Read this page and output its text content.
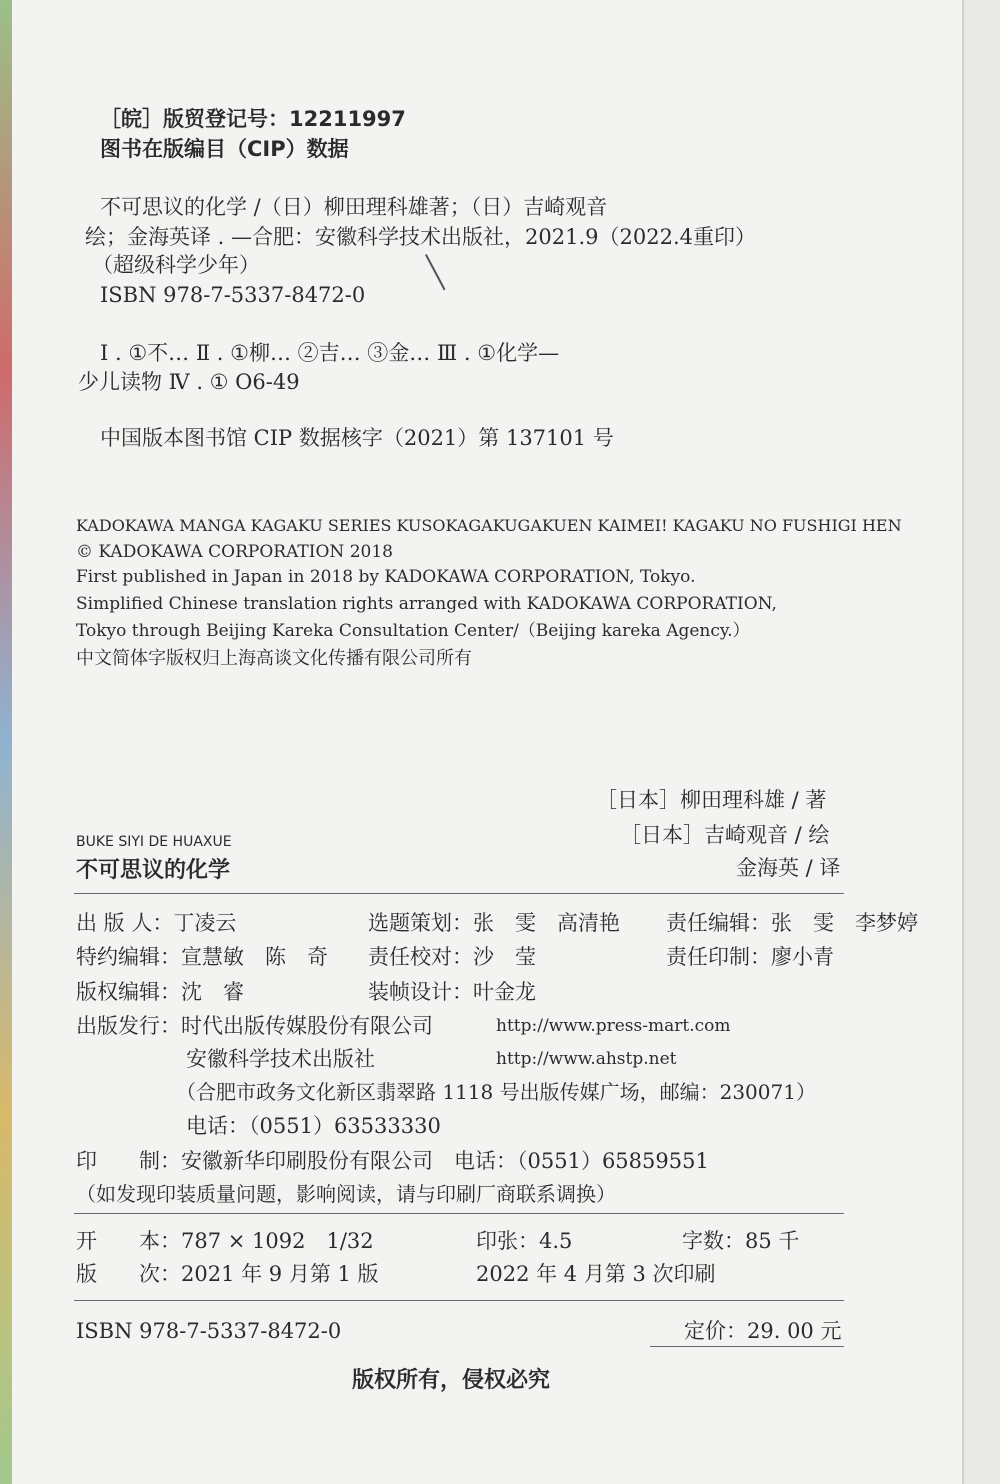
［皖］版贸登记号：12211997
图书在版编目（CIP）数据
不可思议的化学 /（日）柳田理科雄著；（日）吉崎观音
绘；金海英译 . —合肥：安徽科学技术出版社，2021.9（2022.4重印）
（超级科学少年）
ISBN 978-7-5337-8472-0
Ⅰ . ①不… Ⅱ . ①柳… ②吉… ③金… Ⅲ . ①化学—
少儿读物 Ⅳ . ① O6-49
中国版本图书馆 CIP 数据核字（2021）第 137101 号
KADOKAWA MANGA KAGAKU SERIES KUSOKAGAKUGAKUEN KAIMEI! KAGAKU NO FUSHIGI HEN
© KADOKAWA CORPORATION 2018
First published in Japan in 2018 by KADOKAWA CORPORATION, Tokyo.
Simplified Chinese translation rights arranged with KADOKAWA CORPORATION,
Tokyo through Beijing Kareka Consultation Center/（Beijing kareka Agency.）
中文简体字版权归上海高谈文化传播有限公司所有
［日本］柳田理科雄 / 著
［日本］吉崎观音 / 绘
金海英 / 译
BUKE SIYI DE HUAXUE
不可思议的化学
出 版 人：丁凌云	选题策划：张　雯　高清艳 责任编辑：张　雯　李梦婷
特约编辑：宣慧敏　陈　奇 责任校对：沙　莹	责任印制：廖小青
版权编辑：沈　睿	装帧设计：叶金龙
出版发行：时代出版传媒股份有限公司	http://www.press-mart.com
安徽科学技术出版社	http://www.ahstp.net
（合肥市政务文化新区翡翠路 1118 号出版传媒广场，邮编：230071）
电话：（0551）63533330
印　　制：安徽新华印刷股份有限公司　电话：（0551）65859551
（如发现印装质量问题，影响阅读，请与印刷厂商联系调换）
开　　本：787 × 1092　1/32	印张：4.5	字数：85 千
版　　次：2021 年 9 月第 1 版	2022 年 4 月第 3 次印刷
ISBN 978-7-5337-8472-0	定价：29. 00 元
版权所有，侵权必究
